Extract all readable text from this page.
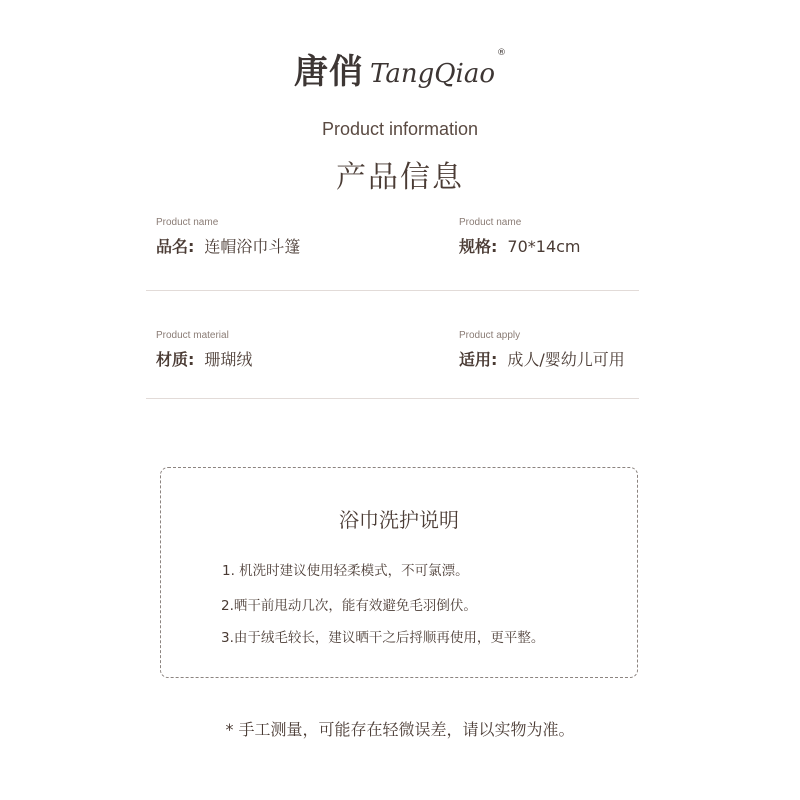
唐俏 TangQiao
®
Product information
产品信息
Product name
品名: 连帽浴巾斗篷
Product name
规格: 70*14cm
Product material
材质: 珊瑚绒
Product apply
适用: 成人/婴幼儿可用
浴巾洗护说明
1. 机洗时建议使用轻柔模式，不可氯漂。
2.晒干前甩动几次，能有效避免毛羽倒伏。
3.由于绒毛较长，建议晒干之后捋顺再使用，更平整。
* 手工测量，可能存在轻微误差，请以实物为准。
